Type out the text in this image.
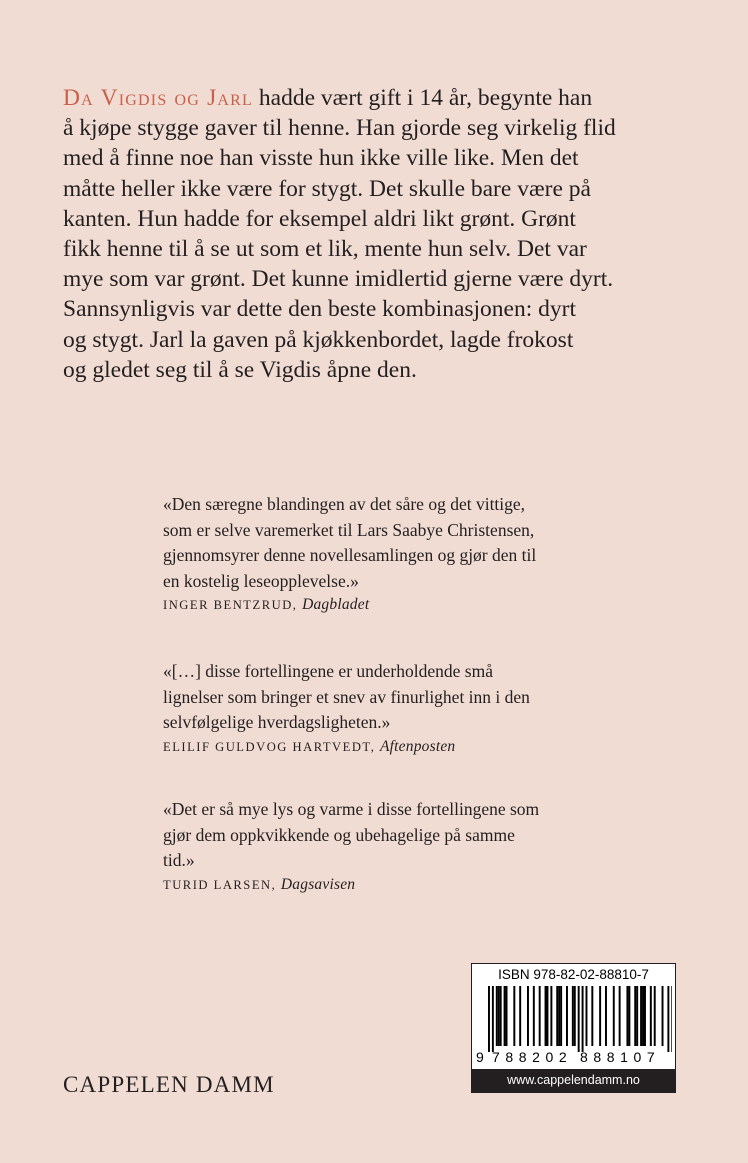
Da Vigdis og Jarl hadde vært gift i 14 år, begynte han
å kjøpe stygge gaver til henne. Han gjorde seg virkelig flid
med å finne noe han visste hun ikke ville like. Men det
måtte heller ikke være for stygt. Det skulle bare være på
kanten. Hun hadde for eksempel aldri likt grønt. Grønt
fikk henne til å se ut som et lik, mente hun selv. Det var
mye som var grønt. Det kunne imidlertid gjerne være dyrt.
Sannsynligvis var dette den beste kombinasjonen: dyrt
og stygt. Jarl la gaven på kjøkkenbordet, lagde frokost
og gledet seg til å se Vigdis åpne den.

«Den særegne blandingen av det såre og det vittige,
som er selve varemerket til Lars Saabye Christensen,
gjennomsyrer denne novellesamlingen og gjør den til
en kostelig leseopplevelse.»
INGER BENTZRUD, Dagbladet
«[…] disse fortellingene er underholdende små
lignelser som bringer et snev av finurlighet inn i den
selvfølgelige hverdagsligheten.»
ELILIF GULDVOG HARTVEDT, Aftenposten
«Det er så mye lys og varme i disse fortellingene som
gjør dem oppkvikkende og ubehagelige på samme
tid.»
TURID LARSEN, Dagsavisen
CAPPELEN DAMM
ISBN 978-82-02-88810-7
9 788202 888107
www.cappelendamm.no
